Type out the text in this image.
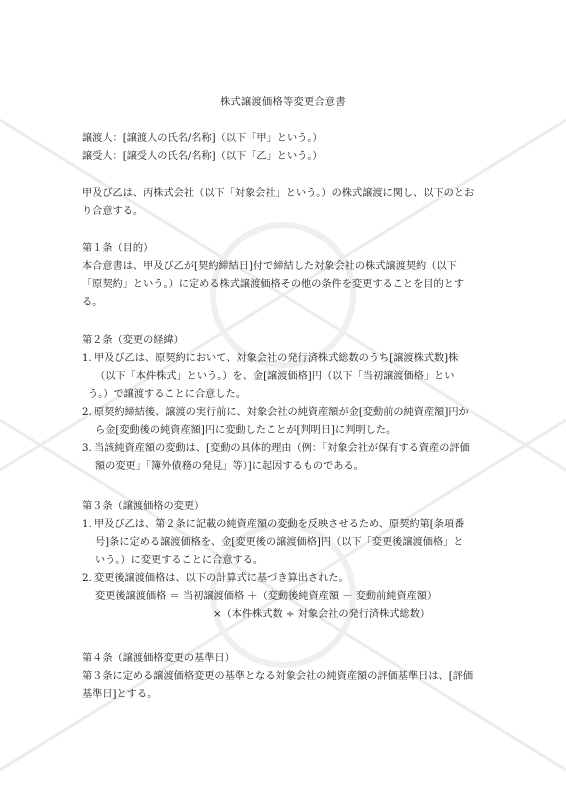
株式譲渡価格等変更合意書
譲渡人：[譲渡人の氏名/名称]（以下「甲」という。）
譲受人：[譲受人の氏名/名称]（以下「乙」という。）
甲及び乙は、丙株式会社（以下「対象会社」という。）の株式譲渡に関し、以下のとお
り合意する。
第１条（目的）
本合意書は、甲及び乙が[契約締結日]付で締結した対象会社の株式譲渡契約（以下
「原契約」という。）に定める株式譲渡価格その他の条件を変更することを目的とす
る。
第２条（変更の経緯）
1. 甲及び乙は、原契約において、対象会社の発行済株式総数のうち[譲渡株式数]株
（以下「本件株式」という。）を、金[譲渡価格]円（以下「当初譲渡価格」とい
う。）で譲渡することに合意した。
2. 原契約締結後、譲渡の実行前に、対象会社の純資産額が金[変動前の純資産額]円か
ら金[変動後の純資産額]円に変動したことが[判明日]に判明した。
3. 当該純資産額の変動は、[変動の具体的理由（例：「対象会社が保有する資産の評価
額の変更」「簿外債務の発見」等）]に起因するものである。
第３条（譲渡価格の変更）
1. 甲及び乙は、第２条に記載の純資産額の変動を反映させるため、原契約第[条項番
号]条に定める譲渡価格を、金[変更後の譲渡価格]円（以下「変更後譲渡価格」と
いう。）に変更することに合意する。
2. 変更後譲渡価格は、以下の計算式に基づき算出された。
変更後譲渡価格 ＝ 当初譲渡価格 ＋（変動後純資産額 － 変動前純資産額）
×（本件株式数 ÷ 対象会社の発行済株式総数）
第４条（譲渡価格変更の基準日）
第３条に定める譲渡価格変更の基準となる対象会社の純資産額の評価基準日は、[評価
基準日]とする。
